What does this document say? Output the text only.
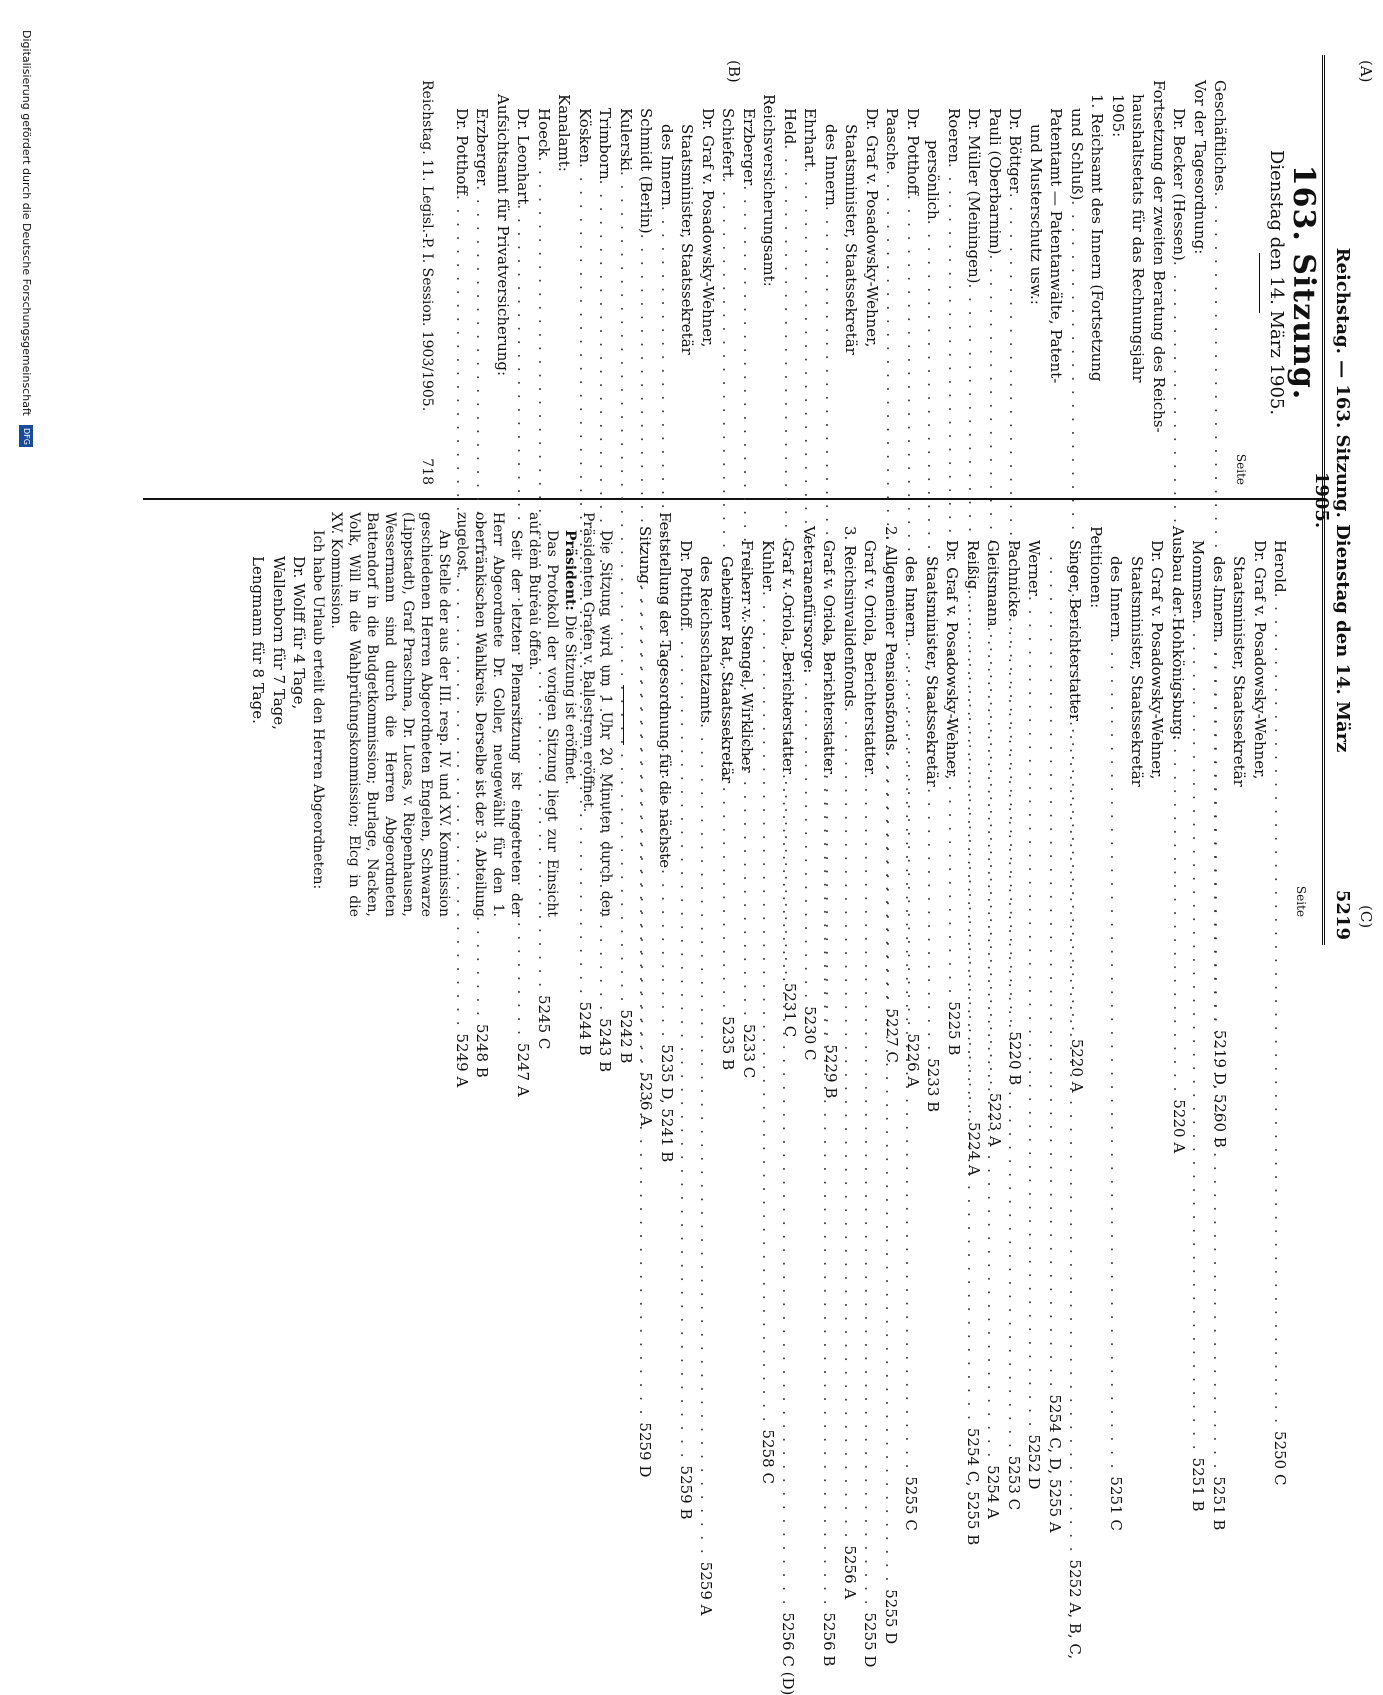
Reichstag. — 163. Sitzung. Dienstag den 14. März 1905.
5219
(A)
(B)
(C)
163. Sitzung.
Dienstag den 14. März 1905.
Seite
Geschäftliches
. . .
5219 D, 5260 B
Vor der Tagesordnung:
Dr. Becker (Hessen)
. . .
5220 A
Fortsetzung der zweiten Beratung des Reichs-
haushaltsetats für das Rechnungsjahr
1905:
1. Reichsamt des Innern (Fortsetzung
und Schluß)
. . .
5220 A
Patentamt — Patentanwälte, Patent-
und Musterschutz usw.:
Dr. Böttger
. . .
5220 B
Pauli (Oberbarnim)
. . .
5223 A
Dr. Müller (Meiningen)
. . .
5224 A
Roeren
. . .
5225 B
persönlich
. . .
5233 B
Dr. Potthoff
. . .
5226 A
Paasche
. . .
5227 C
Dr. Graf v. Posadowsky-Wehner,
Staatsminister, Staatssekretär
des Innern
. . .
5229 B
Ehrhart
. . .
5230 C
Held
. . .
5231 C
Reichsversicherungsamt:
Erzberger
. . .
5233 C
Schiefert
. . .
5235 B
Dr. Graf v. Posadowsky-Wehner,
Staatsminister, Staatssekretär
des Innern
. . .
5235 D, 5241 B
Schmidt (Berlin)
. . .
5236 A
Kulerski
. . .
5242 B
Trimborn
. . .
5243 B
Kösken
. . .
5244 B
Kanalamt:
Hoeck
. . .
5245 C
Dr. Leonhart
. . .
5247 A
Aufsichtsamt für Privatversicherung:
Erzberger
. . .
5248 B
Dr. Potthoff
. . .
5249 A
Reichstag. 11. Legisl.-P. I. Session. 1903/1905.
718
Seite
Herold
. . .
5250 C
Dr. Graf v. Posadowsky-Wehner,
Staatsminister, Staatssekretär
des Innern
. . .
5251 B
Mommsen
. . .
5251 B
Ausbau der Hohkönigsburg:
Dr. Graf v. Posadowsky-Wehner,
Staatsminister, Staatssekretär
des Innern
. . .
5251 C
Petitionen:
Singer, Berichterstatter
. . .
5252 A, B, C,
. . .
5254 C, D, 5255 A
Werner
. . .
5252 D
Pachnicke
. . .
5253 C
Gleitsmann
. . .
5254 A
Reißig
. . .
5254 C, 5255 B
Dr. Graf v. Posadowsky-Wehner,
Staatsminister, Staatssekretär
des Innern
. . .
5255 C
2. Allgemeiner Pensionsfonds
. . .
5255 D
Graf v. Oriola, Berichterstatter
. . .
5255 D
3. Reichsinvalidenfonds
. . .
5256 A
Graf v. Oriola, Berichterstatter
. . .
5256 B
Veteranenfürsorge:
Graf v. Oriola, Berichterstatter
. . .
5256 C (D)
Kuhler
. . .
5258 C
Freiherr v. Stengel, Wirklicher
Geheimer Rat, Staatssekretär
des Reichsschatzamts
. . .
5259 A
Dr. Potthoff
. . .
5259 B
Feststellung der Tagesordnung für die nächste
Sitzung
. . .
5259 D
Die Sitzung wird um 1 Uhr 20 Minuten durch den Präsidenten Grafen v. Ballestrem eröffnet.
Präsident: Die Sitzung ist eröffnet.
Das Protokoll der vorigen Sitzung liegt zur Einsicht auf dem Bureau offen.
Seit der letzten Plenarsitzung ist eingetreten der Herr Abgeordnete Dr. Goller, neugewählt für den 1. oberfränkischen Wahlkreis. Derselbe ist der 3. Abteilung zugelost.
An Stelle der aus der III. resp. IV. und XV. Kommission geschiedenen Herren Abgeordneten Engelen, Schwarze (Lippstadt), Graf Praschma, Dr. Lucas, v. Riepenhausen, Wessermann sind durch die Herren Abgeordneten Battendorf in die Budgetkommission; Burlage, Nacken, Volk, Will in die Wahlprüfungskommission; Elcg in die XV. Kommission.
Ich habe Urlaub erteilt den Herren Abgeordneten:
Dr. Wolff für 4 Tage,
Wallenborn für 7 Tage,
Lengmann für 8 Tage.
Digitalisierung gefördert durch die Deutsche Forschungsgemeinschaft DFG
